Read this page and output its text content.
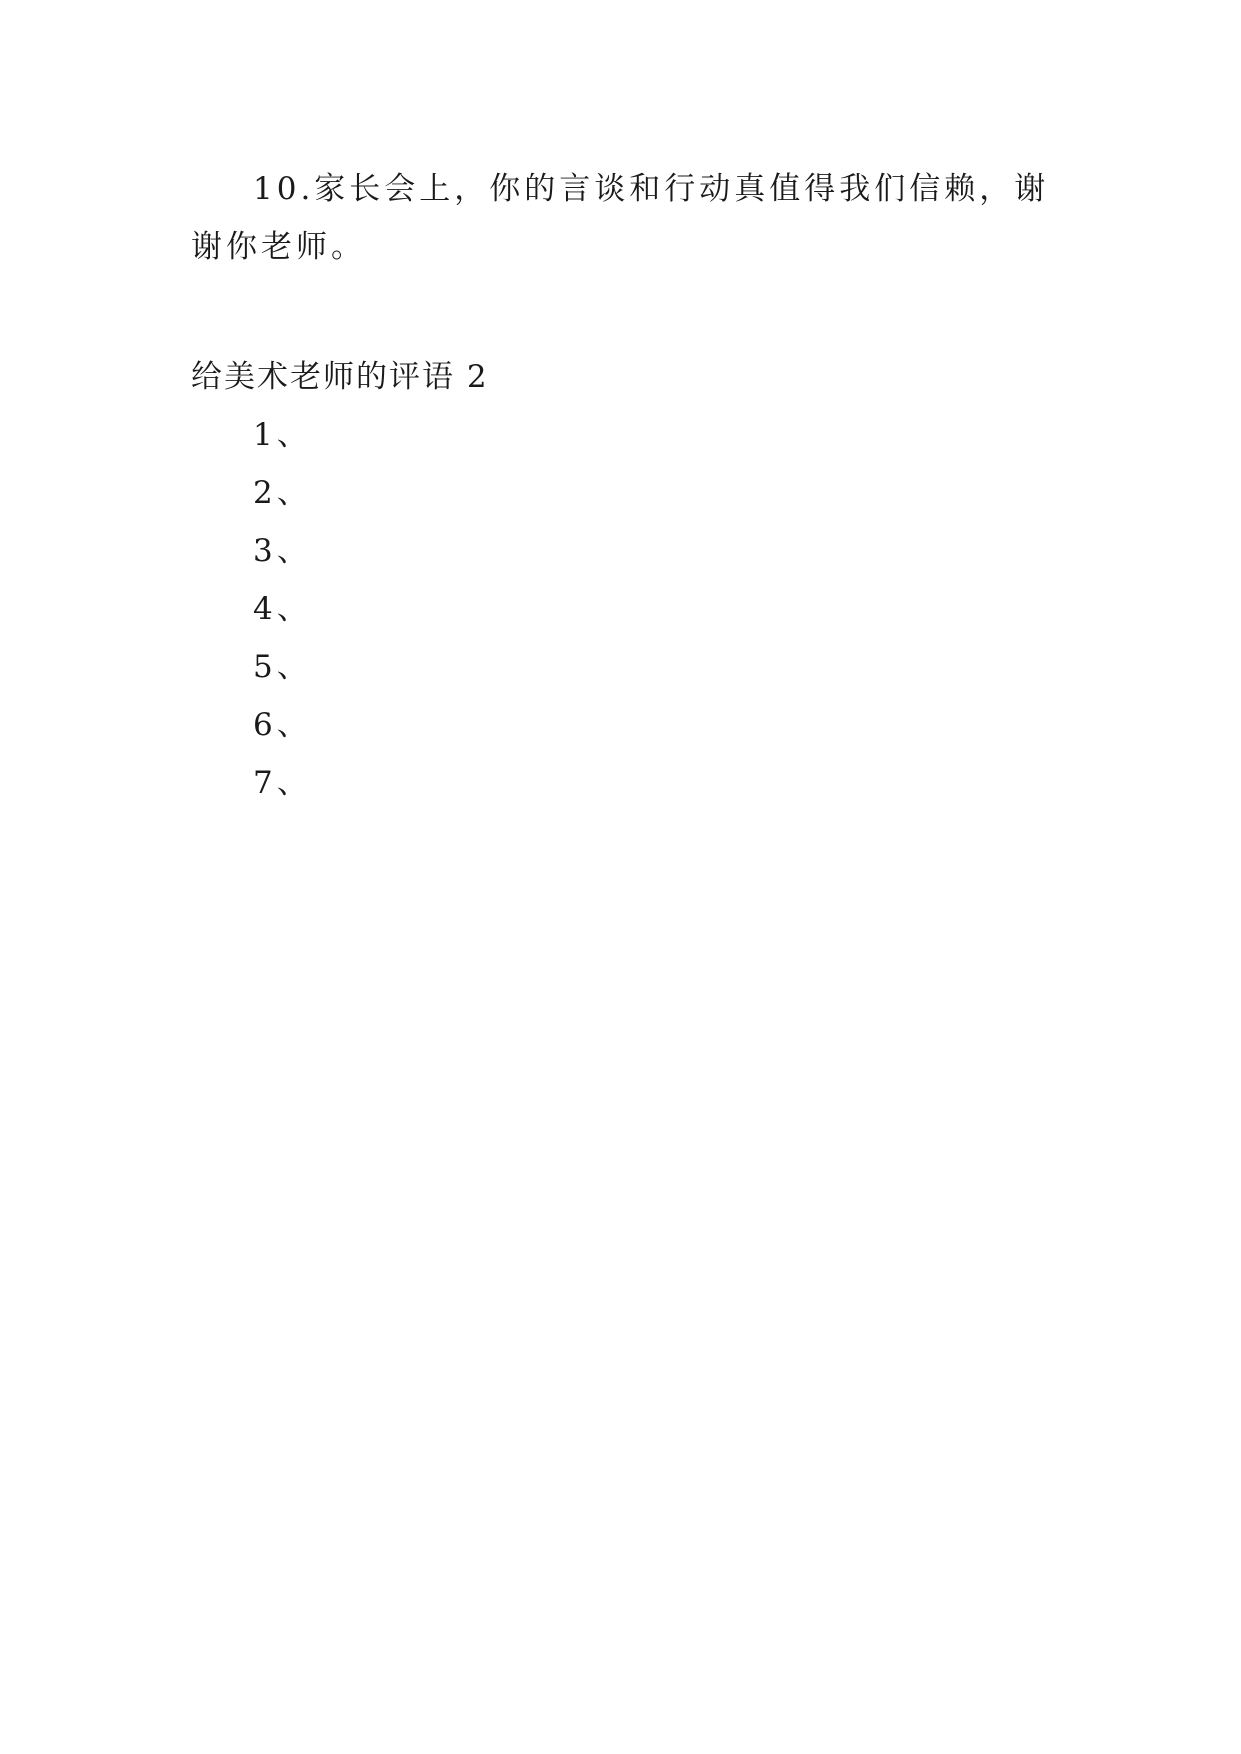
10.家长会上，你的言谈和行动真值得我们信赖，谢谢你老师。

给美术老师的评语 2

1、

2、

3、

4、

5、

6、

7、
